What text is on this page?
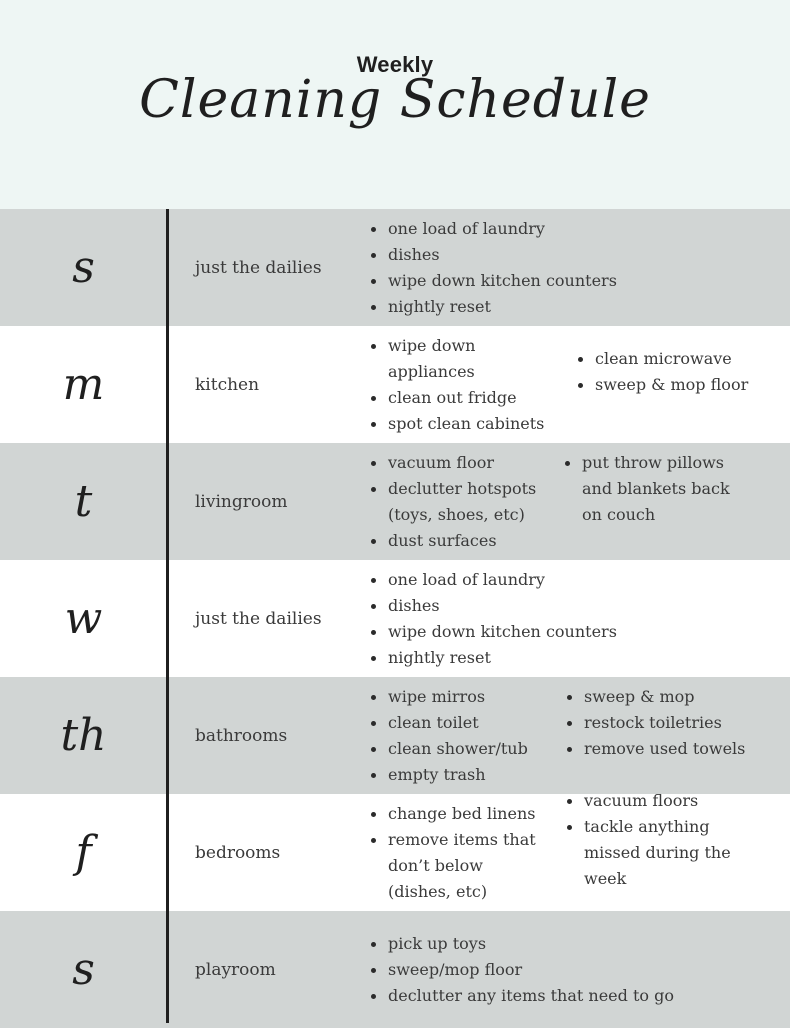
Weekly
Cleaning Schedule
s	just the dailies
one load of laundry
dishes
wipe down kitchen counters
nightly reset
m	kitchen
wipe down appliances
clean out fridge
spot clean cabinets
clean microwave
sweep & mop floor
t	livingroom
vacuum floor
declutter hotspots (toys, shoes, etc)
dust surfaces
put throw pillows and blankets back on couch
w	just the dailies
one load of laundry
dishes
wipe down kitchen counters
nightly reset
th	bathrooms
wipe mirros
clean toilet
clean shower/tub
empty trash
sweep & mop
restock toiletries
remove used towels
f	bedrooms
change bed linens
remove items that don’t below (dishes, etc)
vacuum floors
tackle anything missed during the week
s	playroom
pick up toys
sweep/mop floor
declutter any items that need to go
